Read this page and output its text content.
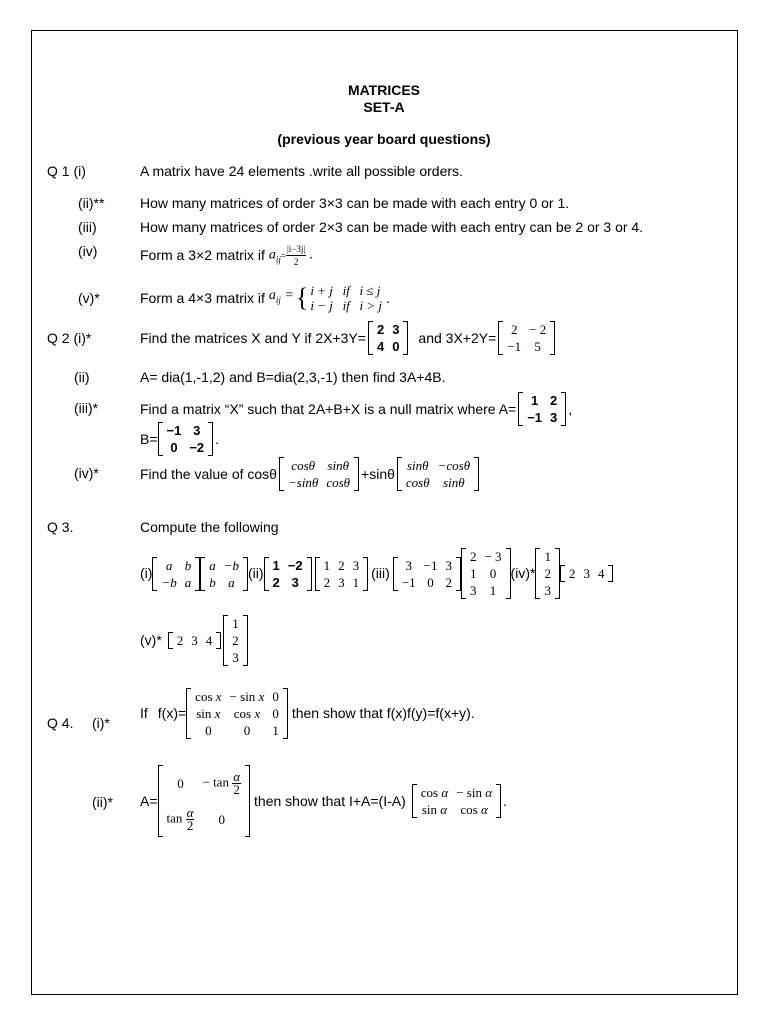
MATRICES
SET-A
(previous year board questions)
Q 1 (i)	A matrix have 24 elements .write all possible orders.
(ii)**	How many matrices of order 3×3 can be made with each entry 0 or 1.
(iii)	How many matrices of order 2×3 can be made with each entry can be 2 or 3 or 4.
(iv)	Form a 3×2 matrix if $a_{ij}= \frac{|i-3j|}{2}$ .
(v)*	Form a 4×3 matrix if $a_{ij}$ = { i + j   if   i ≤ j
i − j   if   i > j .
Q 2 (i)*	Find the matrices X and Y if 2X+3Y= 2	3
4	0
and 3X+2Y= 2	− 2
−1	5
(ii)	A= dia(1,-1,2) and B=dia(2,3,-1) then find 3A+4B.
(iii)*	Find a matrix “X” such that 2A+B+X is a null matrix where A= 1	2
−1	3
,
B= −1	3
0	−2
.
(iv)*	Find the value of cosθ cosθ	sinθ
−sinθ	cosθ
+sinθ sinθ	−cosθ
cosθ	sinθ
Q 3.	Compute the following
(i) a	b
−b	a
a	−b
b	a
(ii) 1	−2
2	3
1	2	3
2	3	1
(iii) 3	−1	3
−1	0	2
2	− 3
1	0
3	1
(iv)*
1
2
3
2	3	4
(v)* 2	3	4
1
2
3
Q 4. (i)*
If f(x)=
cos x	− sin x	0
sin x	cos x	0
0	0	1
then show that f(x)f(y)=f(x+y).
(ii)* A=
0	− $\tan \frac{\alpha}{2}$

$\tan \frac{\alpha}{2}$	0
then show that I+A=(I-A) cos α	− sin α
sin α	cos α
.
